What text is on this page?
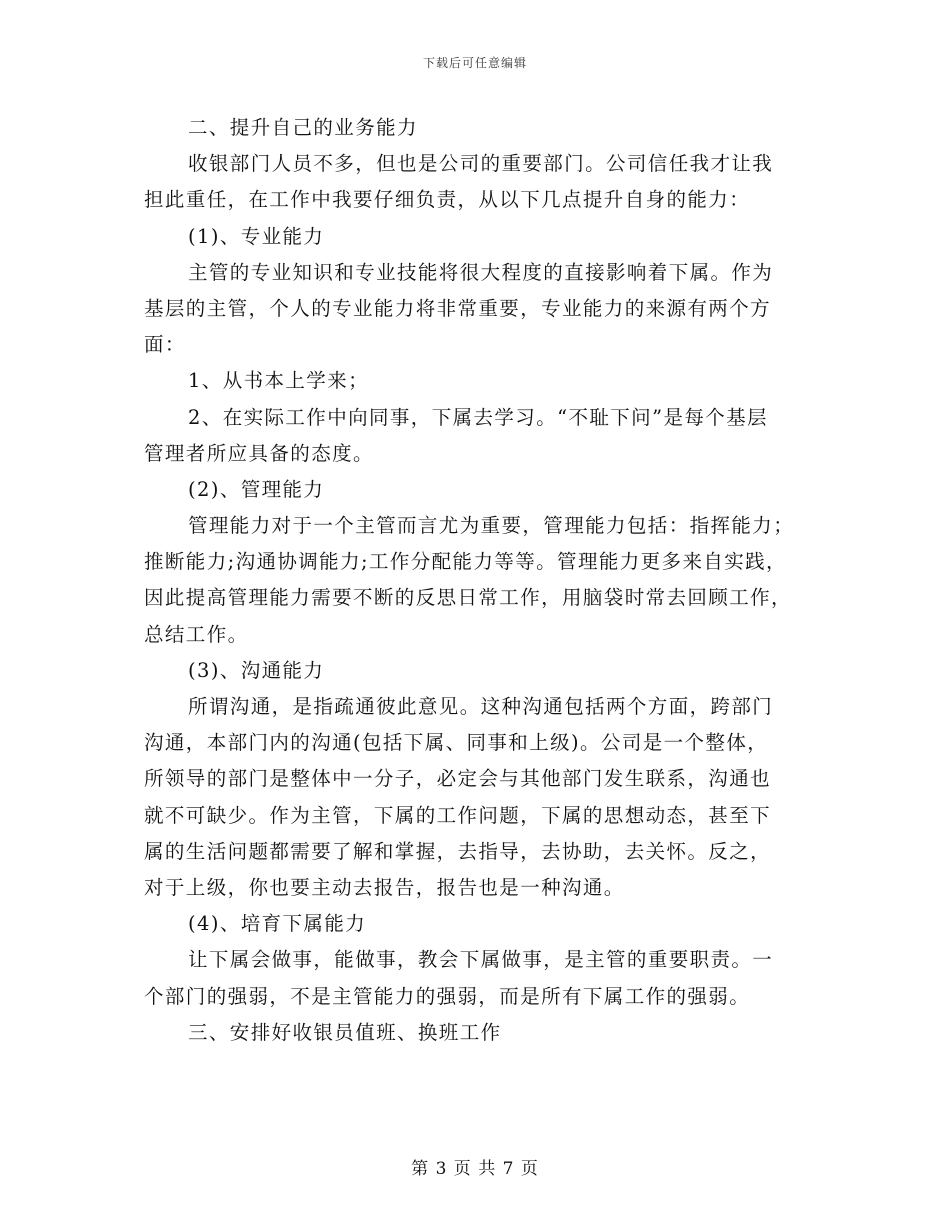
下载后可任意编辑
二、提升自己的业务能力
收银部门人员不多，但也是公司的重要部门。公司信任我才让我
担此重任，在工作中我要仔细负责，从以下几点提升自身的能力：
(1)、专业能力
主管的专业知识和专业技能将很大程度的直接影响着下属。作为
基层的主管，个人的专业能力将非常重要，专业能力的来源有两个方
面：
1、从书本上学来；
2、在实际工作中向同事，下属去学习。“不耻下问”是每个基层
管理者所应具备的态度。
(2)、管理能力
管理能力对于一个主管而言尤为重要，管理能力包括：指挥能力；
推断能力;沟通协调能力;工作分配能力等等。管理能力更多来自实践，
因此提高管理能力需要不断的反思日常工作，用脑袋时常去回顾工作，
总结工作。
(3)、沟通能力
所谓沟通，是指疏通彼此意见。这种沟通包括两个方面，跨部门
沟通，本部门内的沟通(包括下属、同事和上级)。公司是一个整体，
所领导的部门是整体中一分子，必定会与其他部门发生联系，沟通也
就不可缺少。作为主管，下属的工作问题，下属的思想动态，甚至下
属的生活问题都需要了解和掌握，去指导，去协助，去关怀。反之，
对于上级，你也要主动去报告，报告也是一种沟通。
(4)、培育下属能力
让下属会做事，能做事，教会下属做事，是主管的重要职责。一
个部门的强弱，不是主管能力的强弱，而是所有下属工作的强弱。
三、安排好收银员值班、换班工作
第 3 页 共 7 页
